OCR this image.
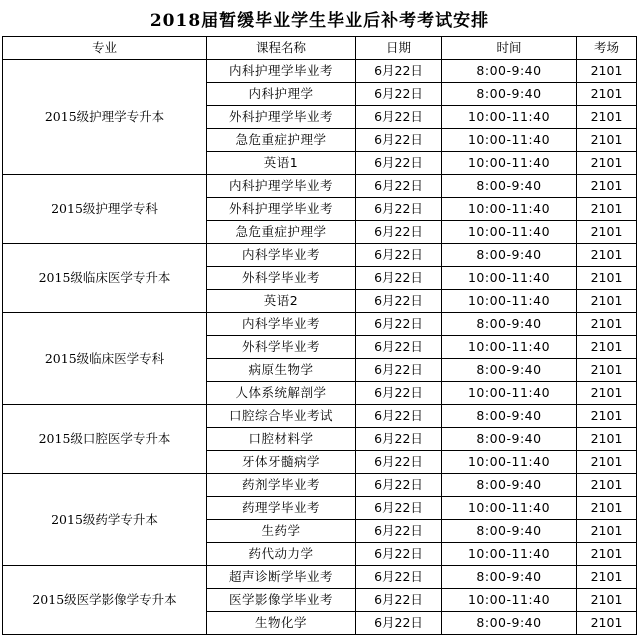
2018届暂缓毕业学生毕业后补考考试安排
专业	课程名称	日期	时间	考场
2015级护理学专升本	内科护理学毕业考	6月22日	8:00-9:40	2101
	内科护理学	6月22日	8:00-9:40	2101
	外科护理学毕业考	6月22日	10:00-11:40	2101
	急危重症护理学	6月22日	10:00-11:40	2101
	英语1	6月22日	10:00-11:40	2101
2015级护理学专科	内科护理学毕业考	6月22日	8:00-9:40	2101
	外科护理学毕业考	6月22日	10:00-11:40	2101
	急危重症护理学	6月22日	10:00-11:40	2101
2015级临床医学专升本	内科学毕业考	6月22日	8:00-9:40	2101
	外科学毕业考	6月22日	10:00-11:40	2101
	英语2	6月22日	10:00-11:40	2101
2015级临床医学专科	内科学毕业考	6月22日	8:00-9:40	2101
	外科学毕业考	6月22日	10:00-11:40	2101
	病原生物学	6月22日	8:00-9:40	2101
	人体系统解剖学	6月22日	10:00-11:40	2101
2015级口腔医学专升本	口腔综合毕业考试	6月22日	8:00-9:40	2101
	口腔材料学	6月22日	8:00-9:40	2101
	牙体牙髓病学	6月22日	10:00-11:40	2101
2015级药学专升本	药剂学毕业考	6月22日	8:00-9:40	2101
	药理学毕业考	6月22日	10:00-11:40	2101
	生药学	6月22日	8:00-9:40	2101
	药代动力学	6月22日	10:00-11:40	2101
2015级医学影像学专升本	超声诊断学毕业考	6月22日	8:00-9:40	2101
	医学影像学毕业考	6月22日	10:00-11:40	2101
	生物化学	6月22日	8:00-9:40	2101
